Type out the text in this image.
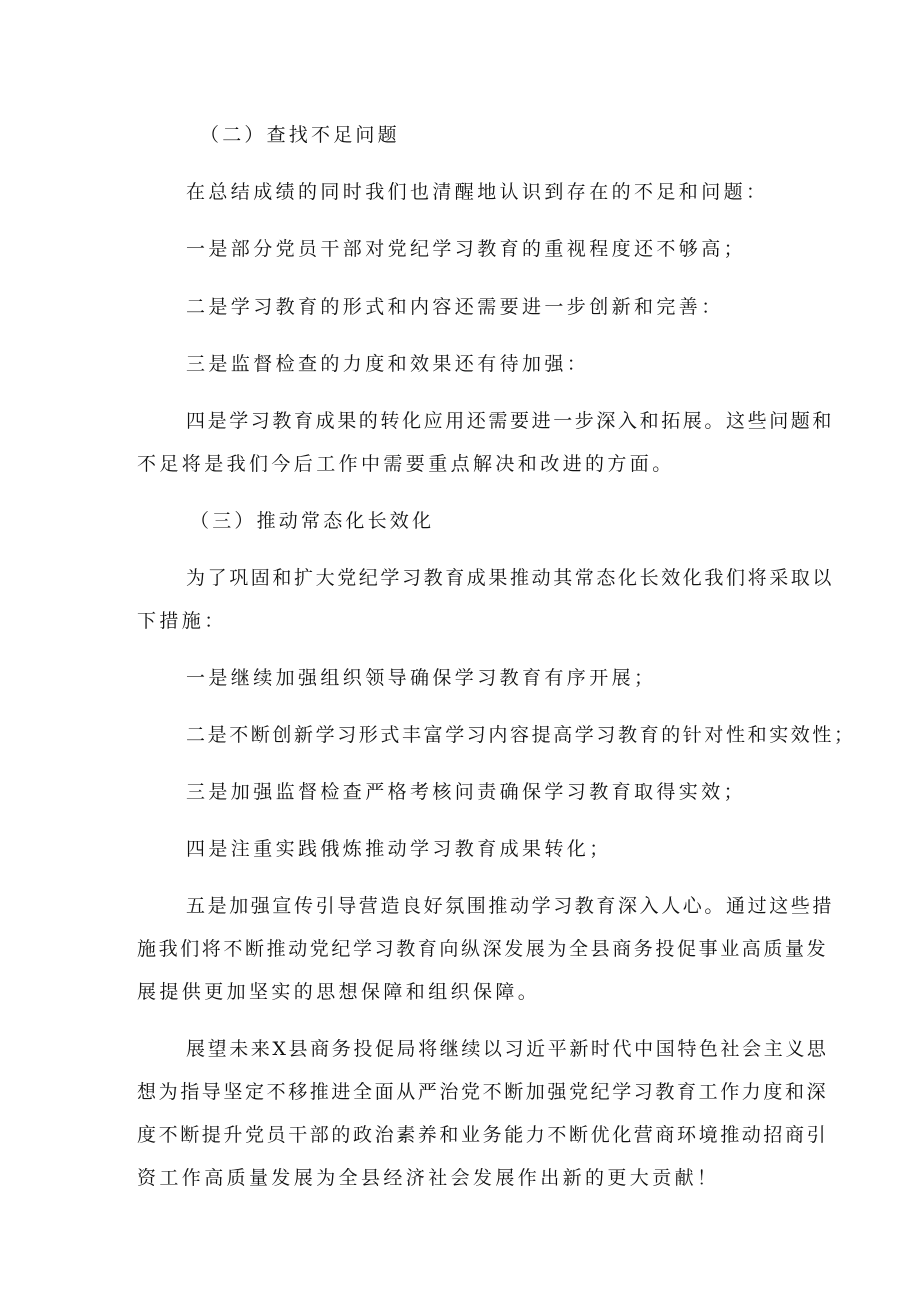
（二）查找不足问题
在总结成绩的同时我们也清醒地认识到存在的不足和问题：
一是部分党员干部对党纪学习教育的重视程度还不够高；
二是学习教育的形式和内容还需要进一步创新和完善：
三是监督检查的力度和效果还有待加强：
四是学习教育成果的转化应用还需要进一步深入和拓展。这些问题和
不足将是我们今后工作中需要重点解决和改进的方面。
（三）推动常态化长效化
为了巩固和扩大党纪学习教育成果推动其常态化长效化我们将采取以
下措施：
一是继续加强组织领导确保学习教育有序开展；
二是不断创新学习形式丰富学习内容提高学习教育的针对性和实效性；
三是加强监督检查严格考核问责确保学习教育取得实效；
四是注重实践俄炼推动学习教育成果转化；
五是加强宣传引导营造良好氛围推动学习教育深入人心。通过这些措
施我们将不断推动党纪学习教育向纵深发展为全县商务投促事业高质量发
展提供更加坚实的思想保障和组织保障。
展望未来X县商务投促局将继续以习近平新时代中国特色社会主义思
想为指导坚定不移推进全面从严治党不断加强党纪学习教育工作力度和深
度不断提升党员干部的政治素养和业务能力不断优化营商环境推动招商引
资工作高质量发展为全县经济社会发展作出新的更大贡献！
